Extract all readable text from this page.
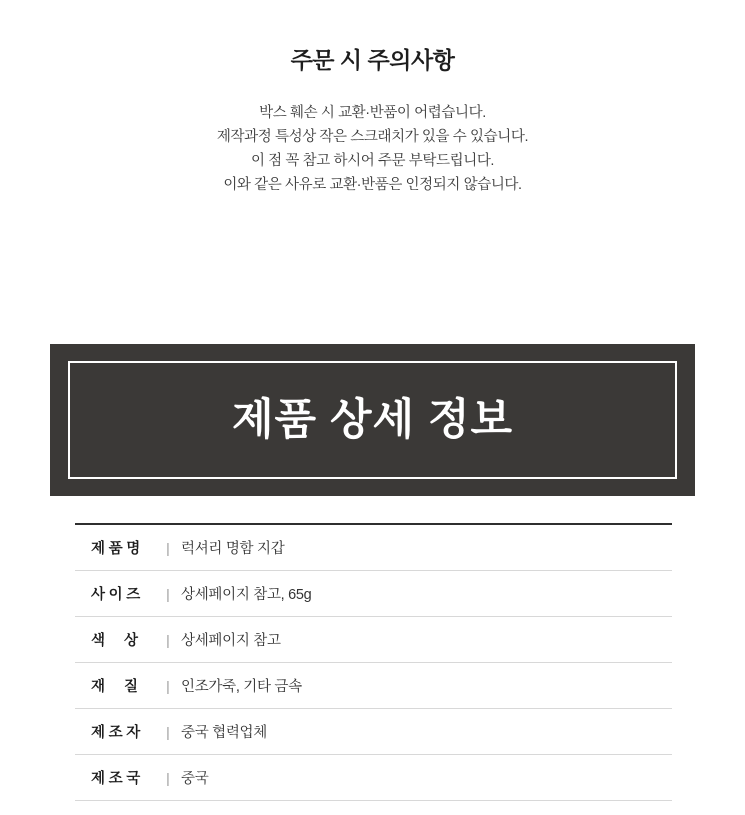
주문 시 주의사항
박스 훼손 시 교환·반품이 어렵습니다.
제작과정 특성상 작은 스크래치가 있을 수 있습니다.
이 점 꼭 참고 하시어 주문 부탁드립니다.
이와 같은 사유로 교환·반품은 인정되지 않습니다.
제품 상세 정보
제 품 명	| 럭셔리 명함 지갑
사 이 즈	| 상세페이지 참고, 65g
색     상	| 상세페이지 참고
재     질	| 인조가죽, 기타 금속
제 조 자	| 중국 협력업체
제 조 국	| 중국
